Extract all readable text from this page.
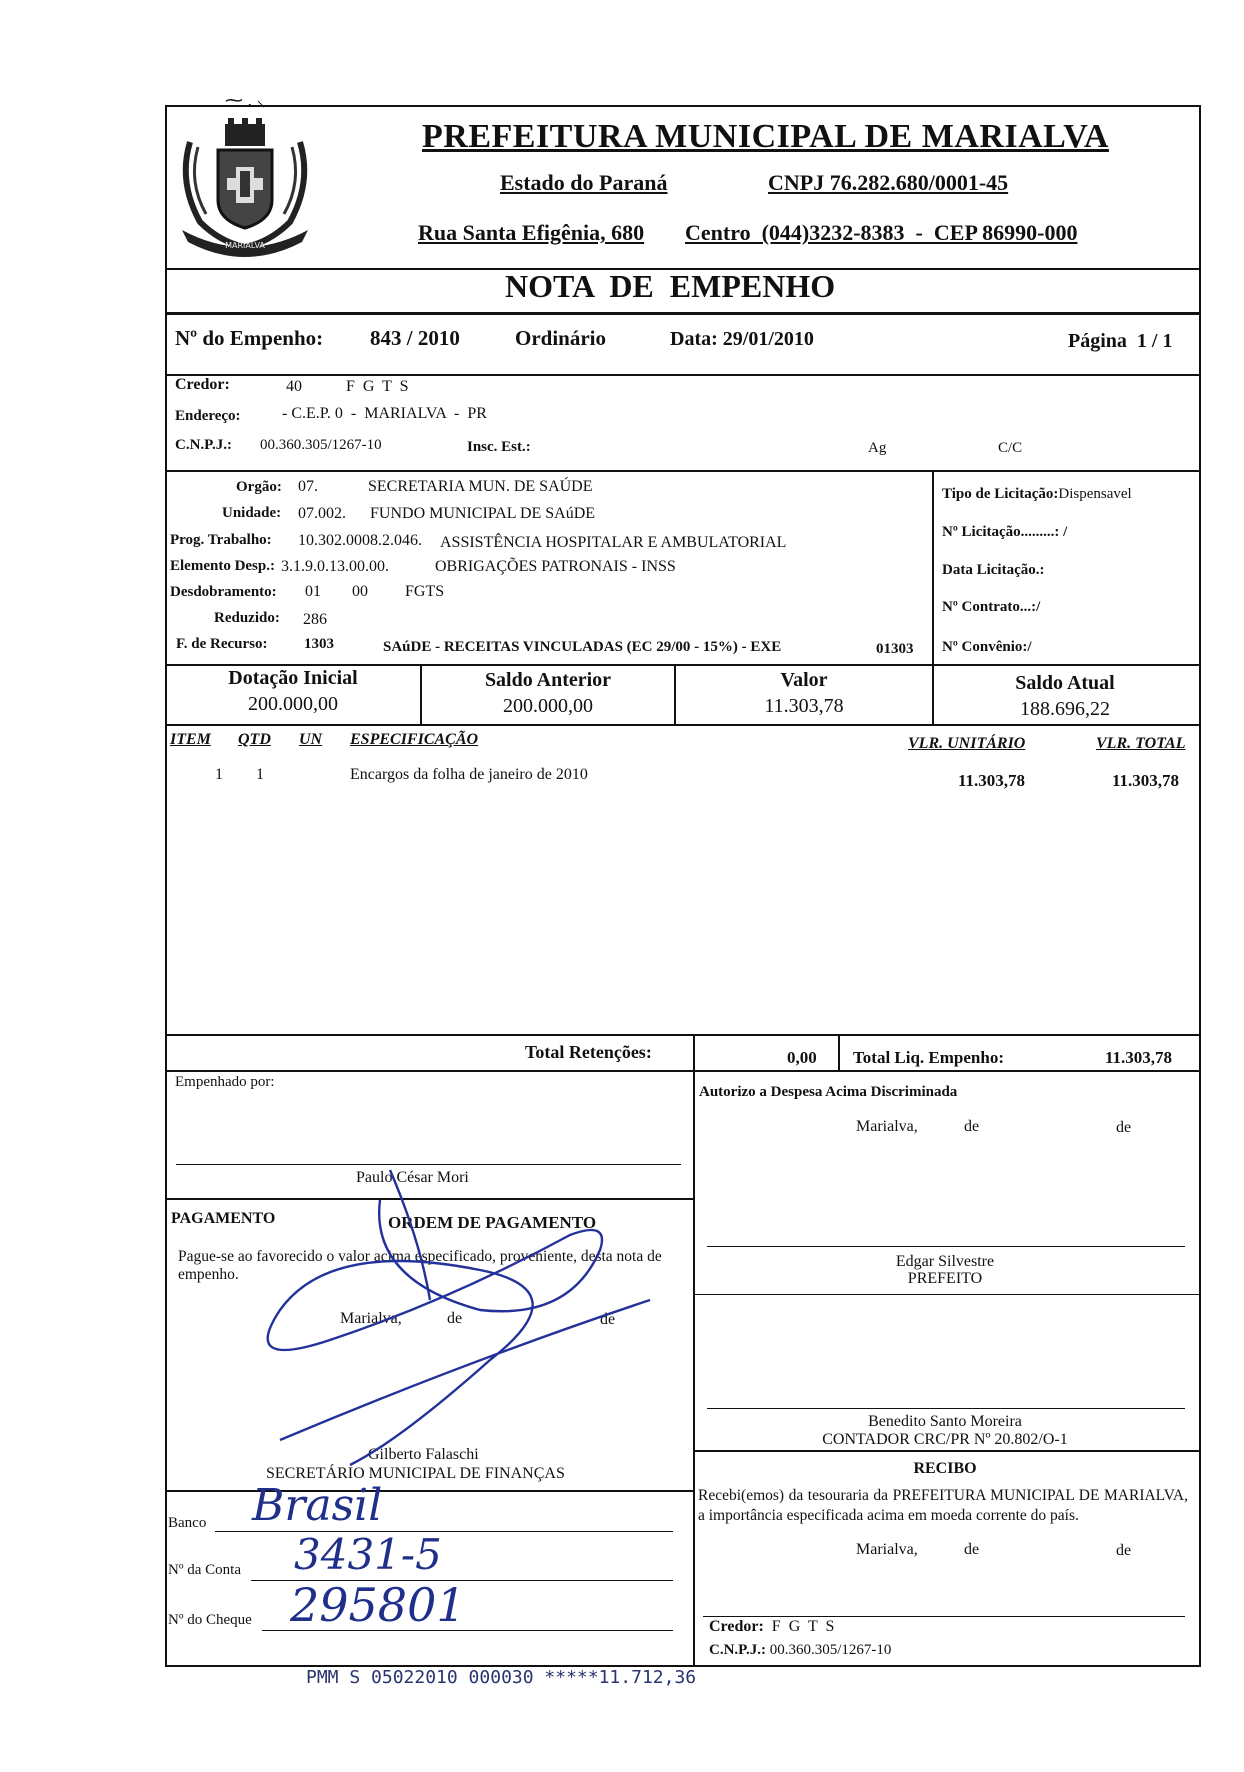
⁓ . ⸜
MARIALVA
PREFEITURA MUNICIPAL DE MARIALVA
Estado do Paraná	CNPJ 76.282.680/0001-45
Rua Santa Efigênia, 680 Centro  (044)3232-8383  -  CEP 86990-000
NOTA  DE  EMPENHO
Nº do Empenho: 843 / 2010	Ordinário	Data: 29/01/2010	Página  1 / 1
Credor:	40	F G T S
Endereço:	- C.E.P. 0  -  MARIALVA  -  PR
C.N.P.J.: 00.360.305/1267-10	Insc. Est.:	Ag	C/C
Orgão: 07.	SECRETARIA MUN. DE SAÚDE
Unidade: 07.002. FUNDO MUNICIPAL DE SAúDE
Prog. Trabalho: 10.302.0008.2.046. ASSISTÊNCIA HOSPITALAR E AMBULATORIAL
Elemento Desp.: 3.1.9.0.13.00.00.	OBRIGAÇÕES PATRONAIS - INSS
Desdobramento: 01 00 FGTS
Reduzido: 286
F. de Recurso: 1303	SAúDE - RECEITAS VINCULADAS (EC 29/00 - 15%) - EXE	01303
Tipo de Licitação:Dispensavel
Nº Licitação.........: /
Data Licitação.:
Nº Contrato...:/
Nº Convênio:/
Dotação Inicial
200.000,00
Saldo Anterior
200.000,00
Valor
11.303,78
Saldo Atual
188.696,22
ITEM QTD UN ESPECIFICAÇÃO	VLR. UNITÁRIO	VLR. TOTAL
1 1	Encargos da folha de janeiro de 2010	11.303,78	11.303,78
Total Retenções:	0,00 Total Liq. Empenho:	11.303,78
Empenhado por:
Paulo César Mori
Autorizo a Despesa Acima Discriminada
Marialva,	de	de
Edgar Silvestre
PREFEITO
Benedito Santo Moreira
CONTADOR CRC/PR Nº 20.802/O-1
RECIBO
Recebi(emos) da tesouraria da PREFEITURA MUNICIPAL DE MARIALVA, a importância especificada acima em moeda corrente do país.
Marialva,	de	de
Credor: F G T S
C.N.P.J.: 00.360.305/1267-10
PAGAMENTO	ORDEM DE PAGAMENTO
Pague-se ao favorecido o valor acima especificado, proveniente, desta nota de empenho.
Marialva,	de	de
Gilberto Falaschi
SECRETÁRIO MUNICIPAL DE FINANÇAS
Banco Brasil
Nº da Conta 3431-5
Nº do Cheque 295801
PMM S 05022010 000030 *****11.712,36
